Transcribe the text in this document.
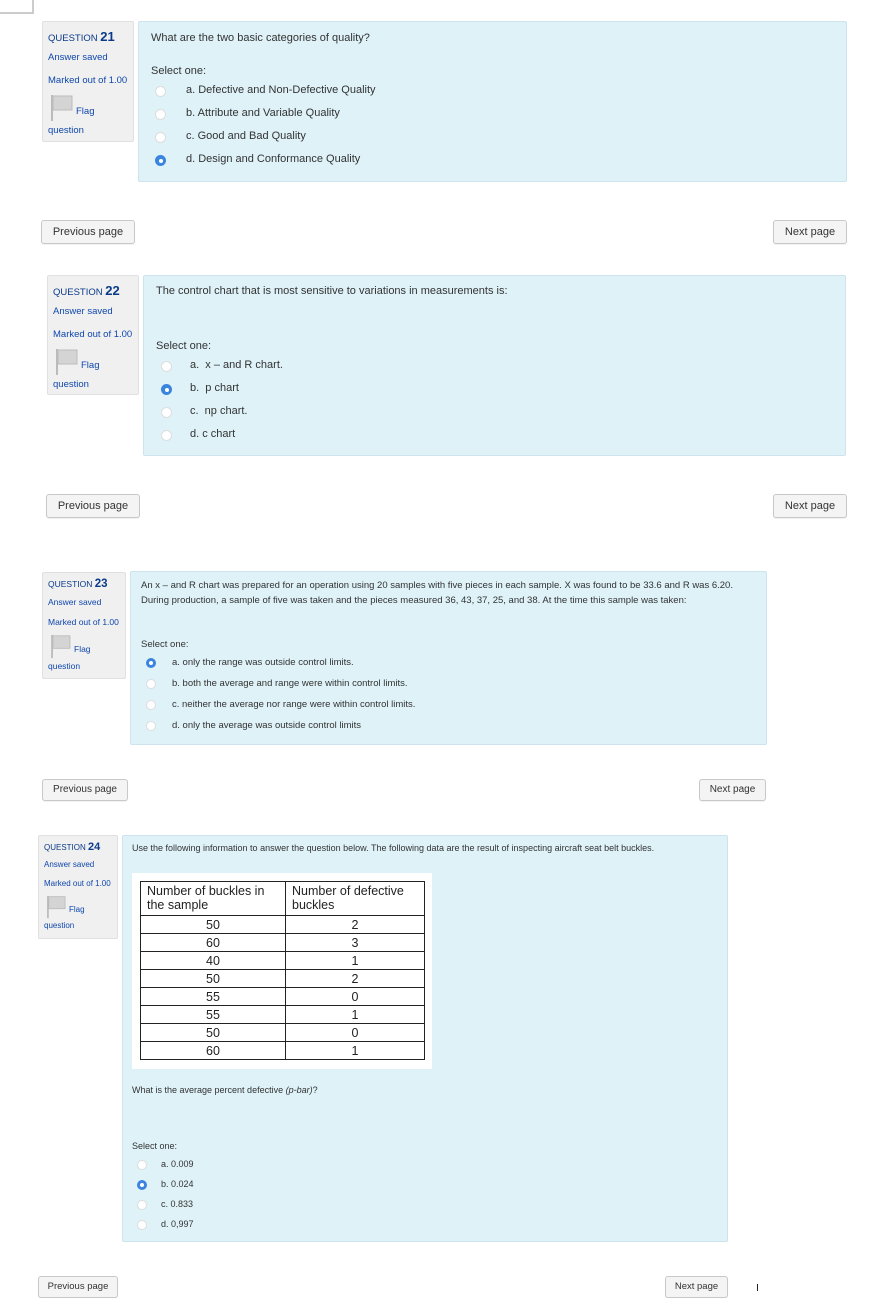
QUESTION 21
Answer saved
Marked out of 1.00
Flag
question
What are the two basic categories of quality?
Select one:
a. Defective and Non-Defective Quality
b. Attribute and Variable Quality
c. Good and Bad Quality
d. Design and Conformance Quality
Previous page	Next page
QUESTION 22
Answer saved
Marked out of 1.00
Flag
question
The control chart that is most sensitive to variations in measurements is:
Select one:
a.  x – and R chart.
b.  p chart
c.  np chart.
d. c chart
Previous page	Next page
QUESTION 23
Answer saved
Marked out of 1.00
Flag
question
An x – and R chart was prepared for an operation using 20 samples with five pieces in each sample. X was found to be 33.6 and R was 6.20. During production, a sample of five was taken and the pieces measured 36, 43, 37, 25, and 38. At the time this sample was taken:
Select one:
a. only the range was outside control limits.
b. both the average and range were within control limits.
c. neither the average nor range were within control limits.
d. only the average was outside control limits
Previous page	Next page
QUESTION 24
Answer saved
Marked out of 1.00
Flag
question
Use the following information to answer the question below. The following data are the result of inspecting aircraft seat belt buckles.
Number of buckles in the sample	Number of defective buckles
50	2
60	3
40	1
50	2
55	0
55	1
50	0
60	1
What is the average percent defective (p-bar)?
Select one:
a. 0.009
b. 0.024
c. 0.833
d. 0,997
Previous page	Next page
